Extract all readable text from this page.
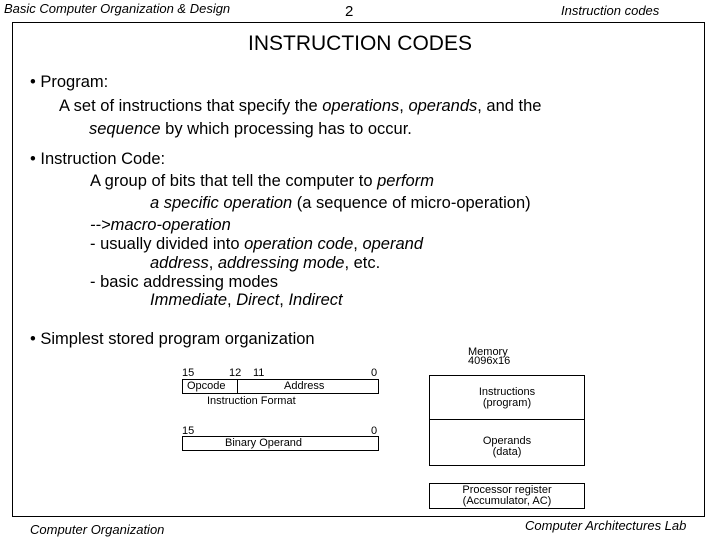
Basic Computer Organization & Design	2	Instruction codes
INSTRUCTION CODES
• Program:
A set of instructions that specify the operations, operands, and the
sequence by which processing has to occur.
• Instruction Code:
A group of bits that tell the computer to perform
a specific operation (a sequence of micro-operation)
-->macro-operation
- usually divided into operation code, operand
address, addressing mode, etc.
- basic addressing modes
Immediate, Direct, Indirect
• Simplest stored program organization
15	12 11	0
Opcode	Address
Instruction Format
15	0
Binary Operand
Memory
4096x16
Instructions
(program)
Operands
(data)
Processor register
(Accumulator, AC)
Computer Organization	Computer Architectures Lab
